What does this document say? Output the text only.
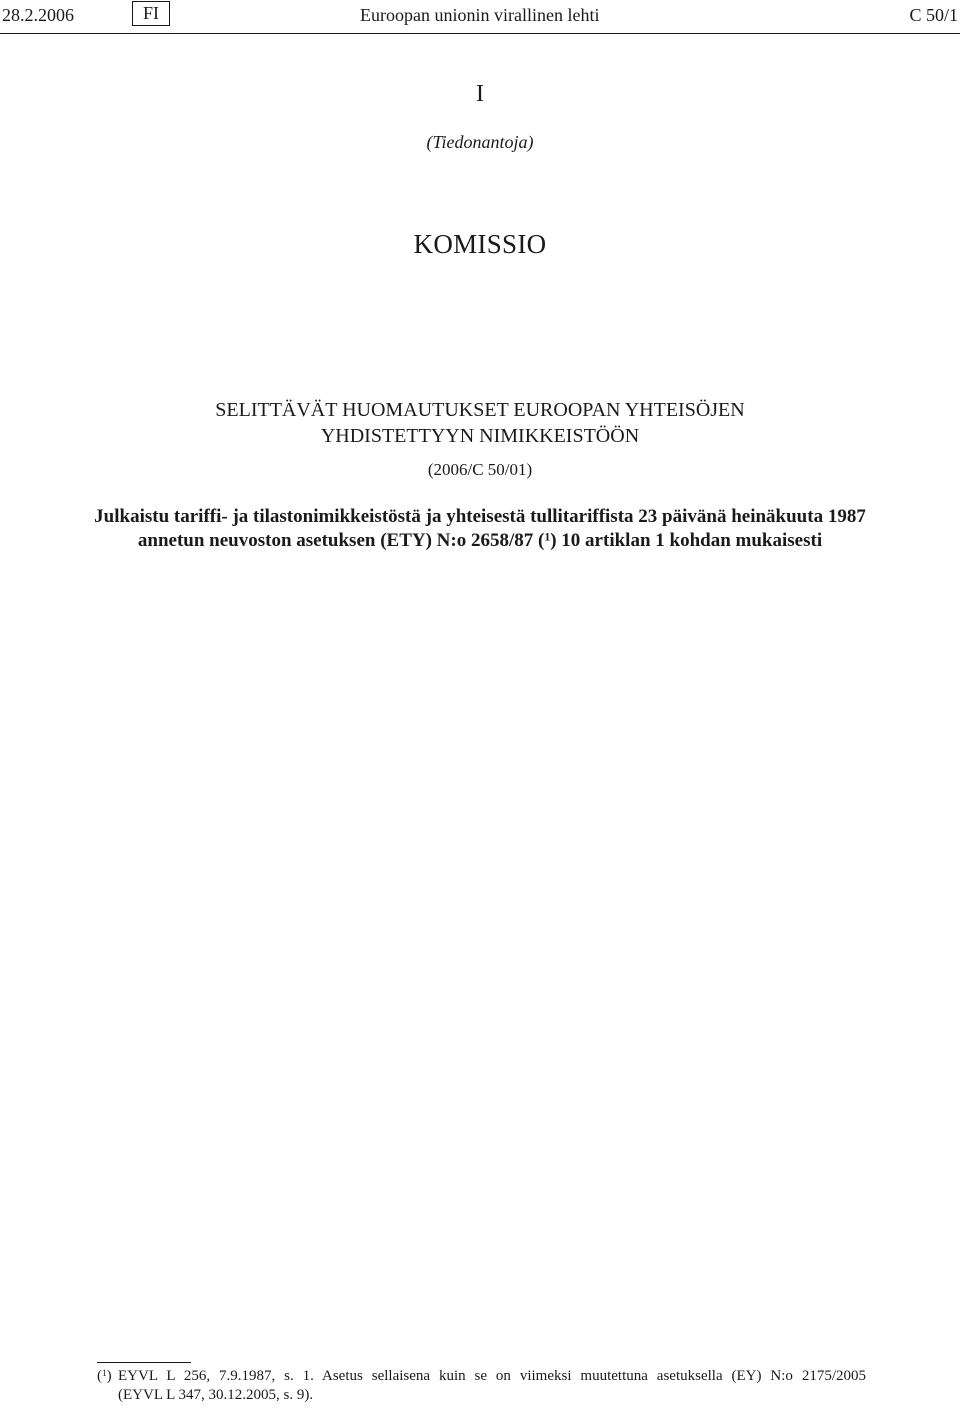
28.2.2006	FI	Euroopan unionin virallinen lehti	C 50/1
I
(Tiedonantoja)
KOMISSIO
SELITTÄVÄT HUOMAUTUKSET EUROOPAN YHTEISÖJEN
YHDISTETTYYN NIMIKKEISTÖÖN
(2006/C 50/01)
Julkaistu tariffi- ja tilastonimikkeistöstä ja yhteisestä tullitariffista 23 päivänä heinäkuuta 1987 annetun neuvoston asetuksen (ETY) N:o 2658/87 ($^1$) 10 artiklan 1 kohdan mukaisesti
($^1$) EYVL L 256, 7.9.1987, s. 1. Asetus sellaisena kuin se on viimeksi muutettuna asetuksella (EY) N:o 2175/2005
(EYVL L 347, 30.12.2005, s. 9).
